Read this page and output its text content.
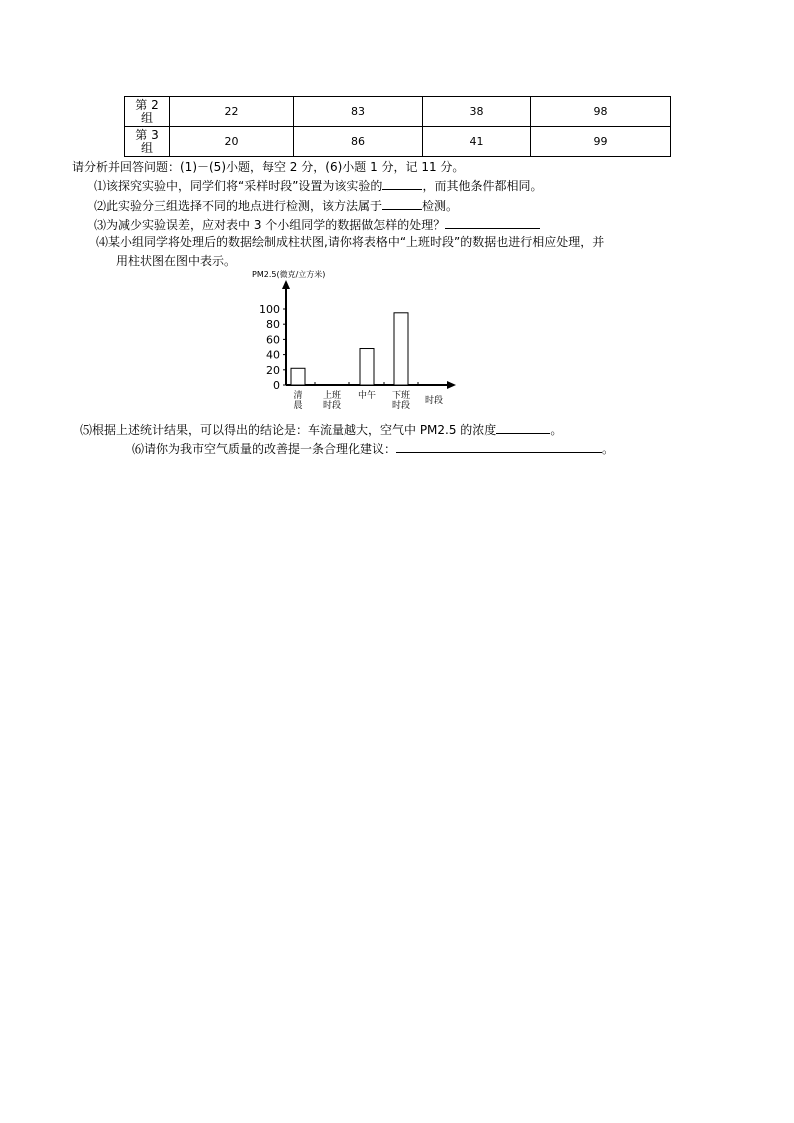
第 2
组	22	83	38	98
第 3
组	20	86	41	99
请分析并回答问题：(1)－(5)小题，每空 2 分，(6)小题 1 分，记 11 分。
⑴该探究实验中，同学们将“采样时段”设置为该实验的	，而其他条件都相同。
⑵此实验分三组选择不同的地点进行检测，该方法属于	检测。
⑶为减少实验误差，应对表中 3 个小组同学的数据做怎样的处理？
⑷某小组同学将处理后的数据绘制成柱状图,请你将表格中“上班时段”的数据也进行相应处理，并
用柱状图在图中表示。
PM2.5(微克/立方米)
0
20
40
60
80
100
清晨
上班时段
中午 下班时段 时段
⑸根据上述统计结果，可以得出的结论是：车流量越大，空气中 PM2.5 的浓度	。
⑹请你为我市空气质量的改善提一条合理化建议：	。
